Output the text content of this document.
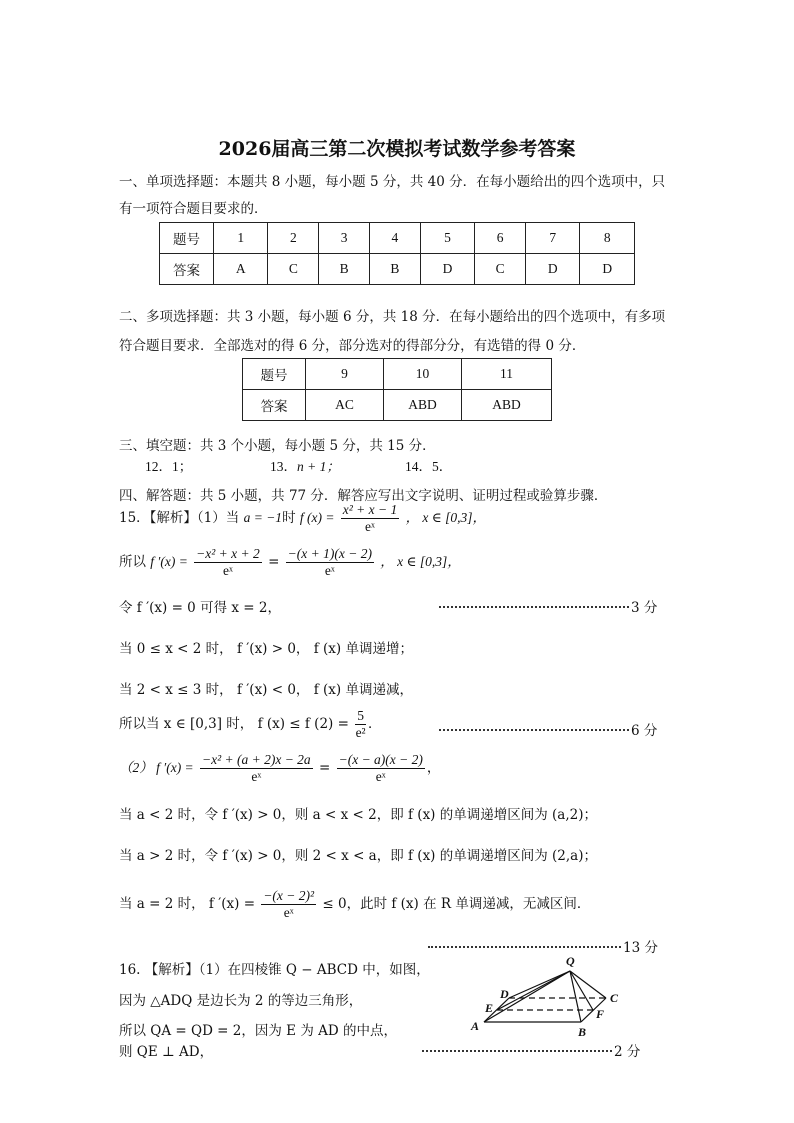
2026届高三第二次模拟考试数学参考答案
一、单项选择题：本题共 8 小题，每小题 5 分，共 40 分．在每小题给出的四个选项中，只
有一项符合题目要求的．
题号	1	2	3	4	5	6	7	8
答案	A	C	B	B	D	C	D	D
二、多项选择题：共 3 小题，每小题 6 分，共 18 分．在每小题给出的四个选项中，有多项
符合题目要求．全部选对的得 6 分，部分选对的得部分分，有选错的得 0 分．
题号	9	10	11
答案	AC	ABD	ABD
三、填空题：共 3 个小题，每小题 5 分，共 15 分．
12．1；	13．n + 1；	14．5．
四、解答题：共 5 小题，共 77 分．解答应写出文字说明、证明过程或验算步骤．
15．【解析】（1）当 a = −1时 f $(x) = \frac{\text{x² + x − 1}}{\text{eˣ}}$ ， x ∈ [0,3]，
所以 f $'(x) = \frac{\text{−x² + x + 2}}{\text{eˣ}} = \frac{-(x + 1)(x - 2)}{\text{eˣ}}$ ， x ∈ [0,3]，
令 f ′(x) = 0 可得 x = 2，	3 分
当 0 ≤ x < 2 时， f ′(x) > 0， f (x) 单调递增；
当 2 < x ≤ 3 时， f ′(x) < 0， f (x) 单调递减，
所以当 x ∈ [0,3] 时， f (x) ≤ f $(2) = \frac{5}{\text{e²}}$ ．	6 分
（2） f $'(x) = \frac{\text{−x² + (a + 2)x − 2a}}{\text{eˣ}} = \frac{-(x - a)(x - 2)}{\text{eˣ}}$ ，
当 a < 2 时，令 f ′(x) > 0，则 a < x < 2，即 f (x) 的单调递增区间为 (a,2)；
当 a > 2 时，令 f ′(x) > 0，则 2 < x < a，即 f (x) 的单调递增区间为 (2,a)；
当 a = 2 时， f $'(x) = \frac{\text{−(x − 2)²}}{\text{eˣ}} \le 0$，此时 f (x) 在 R 单调递减，无减区间．
13 分
16. 【解析】（1）在四棱锥 Q − ABCD 中，如图，
因为 △ADQ 是边长为 2 的等边三角形，
所以 QA = QD = 2，因为 E 为 AD 的中点，
则 QE ⊥ AD，	2 分
Q
D
E
A	B
C
F
